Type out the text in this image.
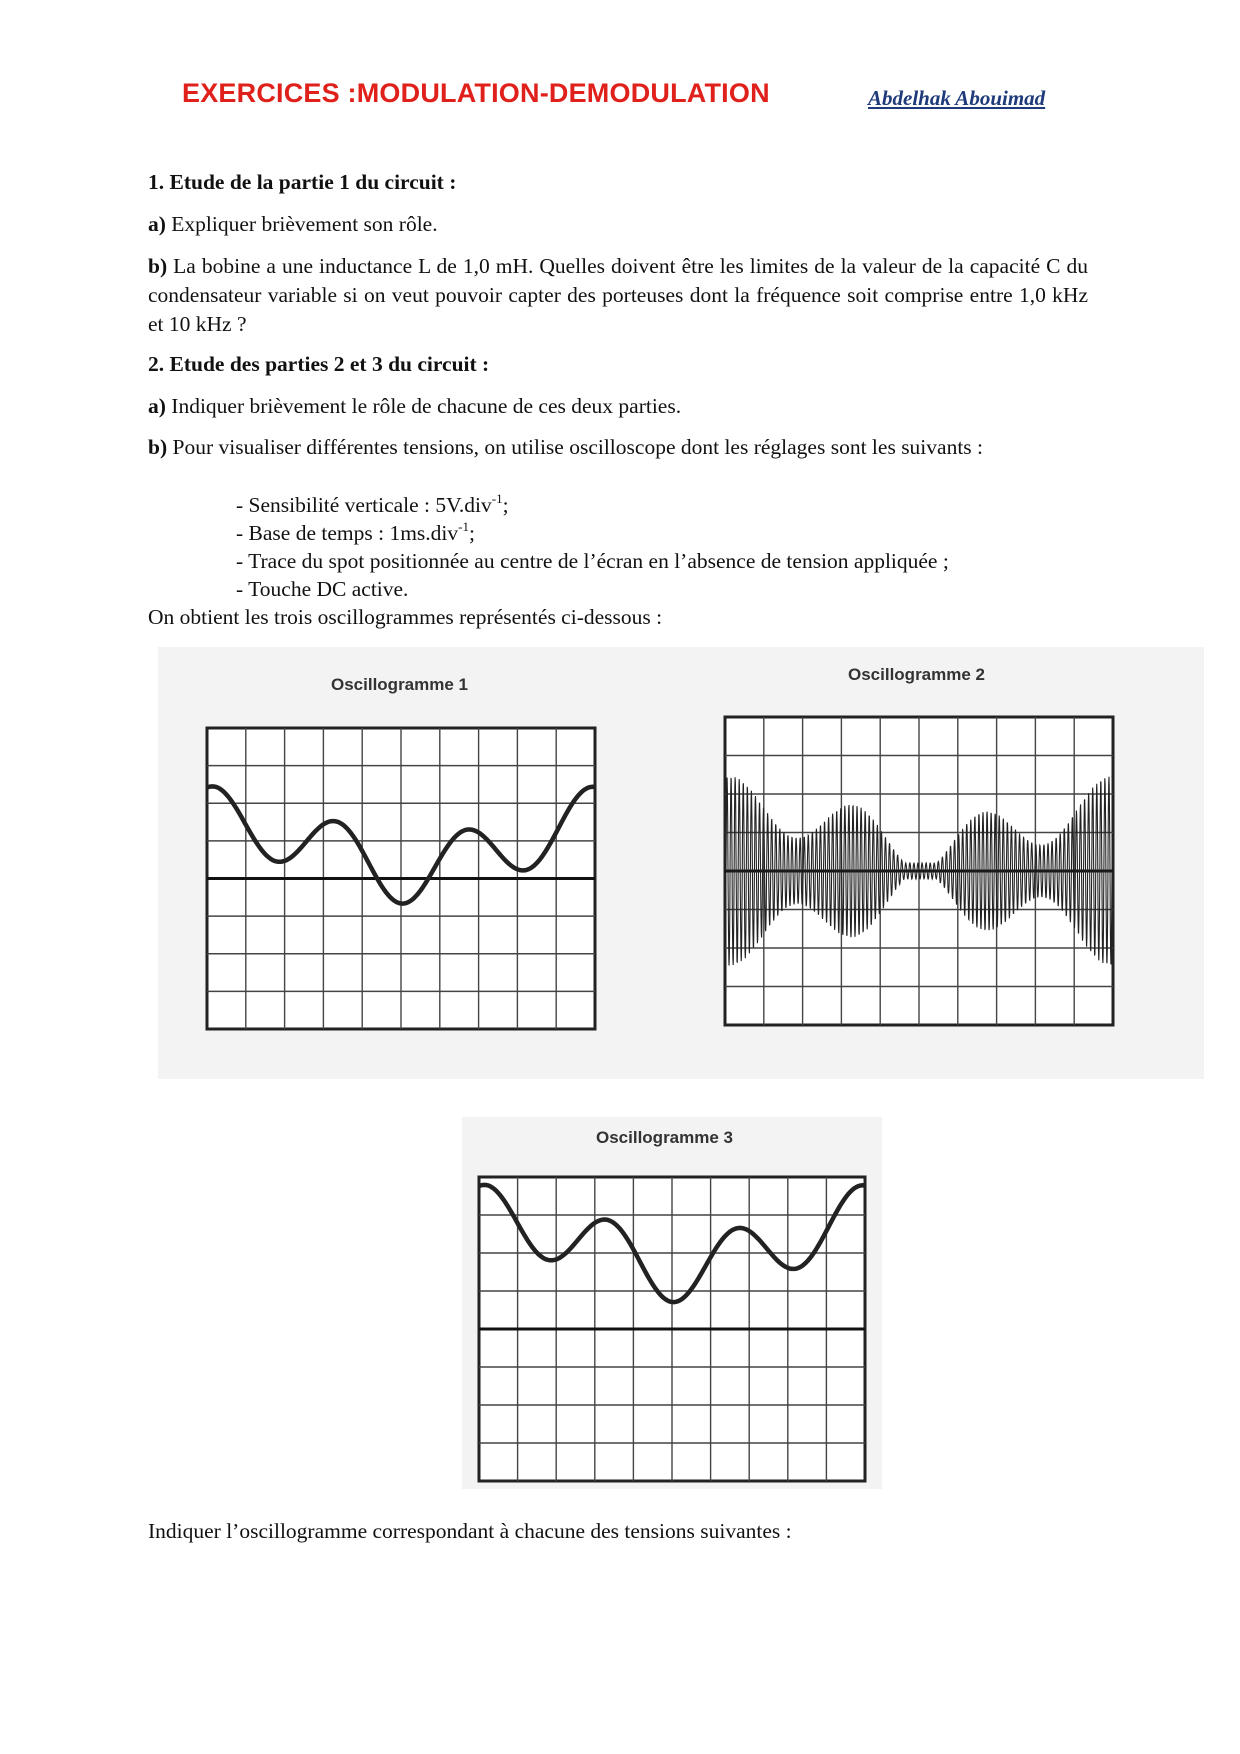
EXERCICES :MODULATION-DEMODULATION	Abdelhak Abouimad

1. Etude de la partie 1 du circuit :

a) Expliquer brièvement son rôle.

b) La bobine a une inductance L de 1,0 mH. Quelles doivent être les limites de la valeur de la capacité C du condensateur variable si on veut pouvoir capter des porteuses dont la fréquence soit comprise entre 1,0 kHz et 10 kHz ?

2. Etude des parties 2 et 3 du circuit :

a) Indiquer brièvement le rôle de chacune de ces deux parties.

b) Pour visualiser différentes tensions, on utilise oscilloscope dont les réglages sont les suivants :

- Sensibilité verticale : 5V.div$^{-1}$;
- Base de temps : 1ms.div$^{-1}$;
- Trace du spot positionnée au centre de l’écran en l’absence de tension appliquée ;
- Touche DC active.

On obtient les trois oscillogrammes représentés ci-dessous :

Oscillogramme 1
Oscillogramme 2
Oscillogramme 3

Indiquer l’oscillogramme correspondant à chacune des tensions suivantes :
